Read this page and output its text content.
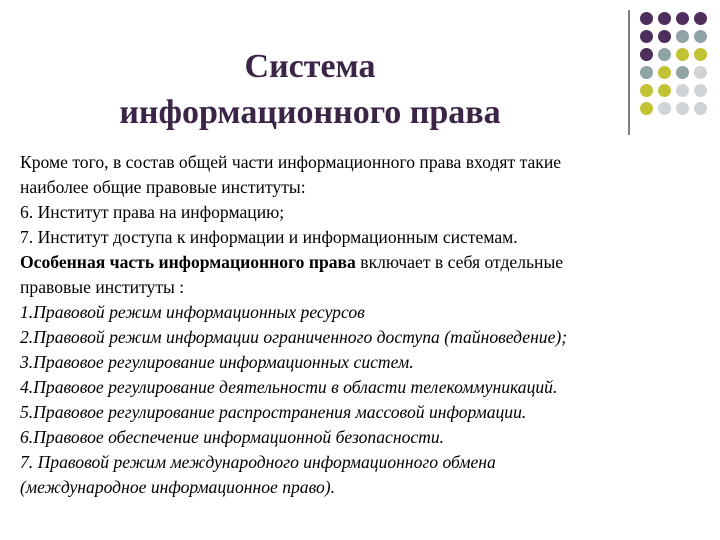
Система
информационного права
Кроме того, в состав общей части информационного права входят такие
наиболее общие правовые институты:
6. Институт права на информацию;
7. Институт доступа к информации и информационным системам.
Особенная часть информационного права включает в себя отдельные
правовые институты :
1.Правовой режим информационных ресурсов
2.Правовой режим информации ограниченного доступа (тайноведение);
3.Правовое регулирование информационных систем.
4.Правовое регулирование деятельности в области телекоммуникаций.
5.Правовое регулирование распространения массовой информации.
6.Правовое обеспечение информационной безопасности.
7. Правовой режим международного информационного обмена
(международное информационное право).
